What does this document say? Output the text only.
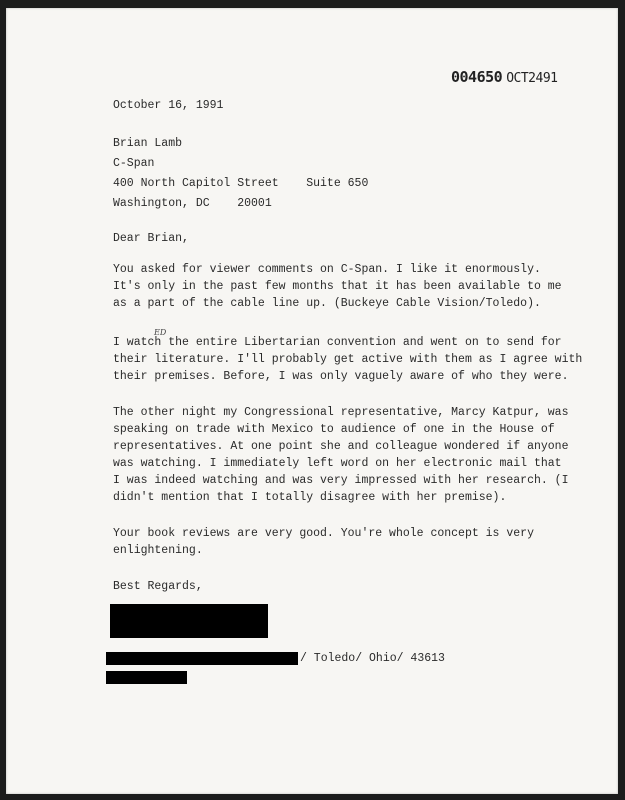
004650 OCT2491
October 16, 1991
Brian Lamb
C-Span
400 North Capitol Street    Suite 650
Washington, DC    20001
Dear Brian,
You asked for viewer comments on C-Span. I like it enormously.
It's only in the past few months that it has been available to me
as a part of the cable line up. (Buckeye Cable Vision/Toledo).
ED
I watch the entire Libertarian convention and went on to send for
their literature. I'll probably get active with them as I agree with
their premises. Before, I was only vaguely aware of who they were.
The other night my Congressional representative, Marcy Katpur, was
speaking on trade with Mexico to audience of one in the House of
representatives. At one point she and colleague wondered if anyone
was watching. I immediately left word on her electronic mail that
I was indeed watching and was very impressed with her research. (I
didn't mention that I totally disagree with her premise).
Your book reviews are very good. You're whole concept is very
enlightening.
Best Regards,
/ Toledo/ Ohio/ 43613
